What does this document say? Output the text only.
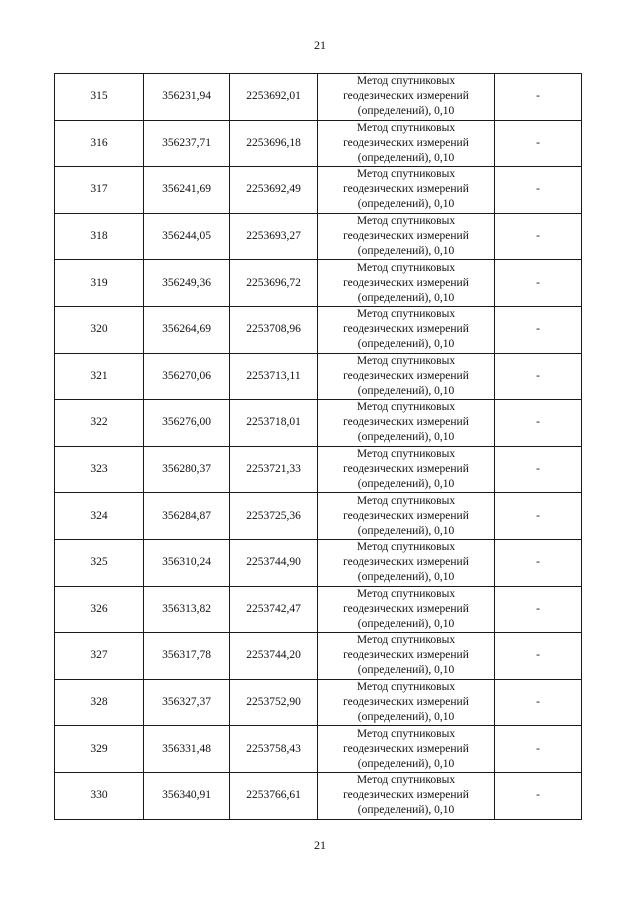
21
315	356231,94	2253692,01	Метод спутниковых
геодезических измерений
(определений), 0,10	-
316	356237,71	2253696,18	Метод спутниковых
геодезических измерений
(определений), 0,10	-
317	356241,69	2253692,49	Метод спутниковых
геодезических измерений
(определений), 0,10	-
318	356244,05	2253693,27	Метод спутниковых
геодезических измерений
(определений), 0,10	-
319	356249,36	2253696,72	Метод спутниковых
геодезических измерений
(определений), 0,10	-
320	356264,69	2253708,96	Метод спутниковых
геодезических измерений
(определений), 0,10	-
321	356270,06	2253713,11	Метод спутниковых
геодезических измерений
(определений), 0,10	-
322	356276,00	2253718,01	Метод спутниковых
геодезических измерений
(определений), 0,10	-
323	356280,37	2253721,33	Метод спутниковых
геодезических измерений
(определений), 0,10	-
324	356284,87	2253725,36	Метод спутниковых
геодезических измерений
(определений), 0,10	-
325	356310,24	2253744,90	Метод спутниковых
геодезических измерений
(определений), 0,10	-
326	356313,82	2253742,47	Метод спутниковых
геодезических измерений
(определений), 0,10	-
327	356317,78	2253744,20	Метод спутниковых
геодезических измерений
(определений), 0,10	-
328	356327,37	2253752,90	Метод спутниковых
геодезических измерений
(определений), 0,10	-
329	356331,48	2253758,43	Метод спутниковых
геодезических измерений
(определений), 0,10	-
330	356340,91	2253766,61	Метод спутниковых
геодезических измерений
(определений), 0,10	-
21
